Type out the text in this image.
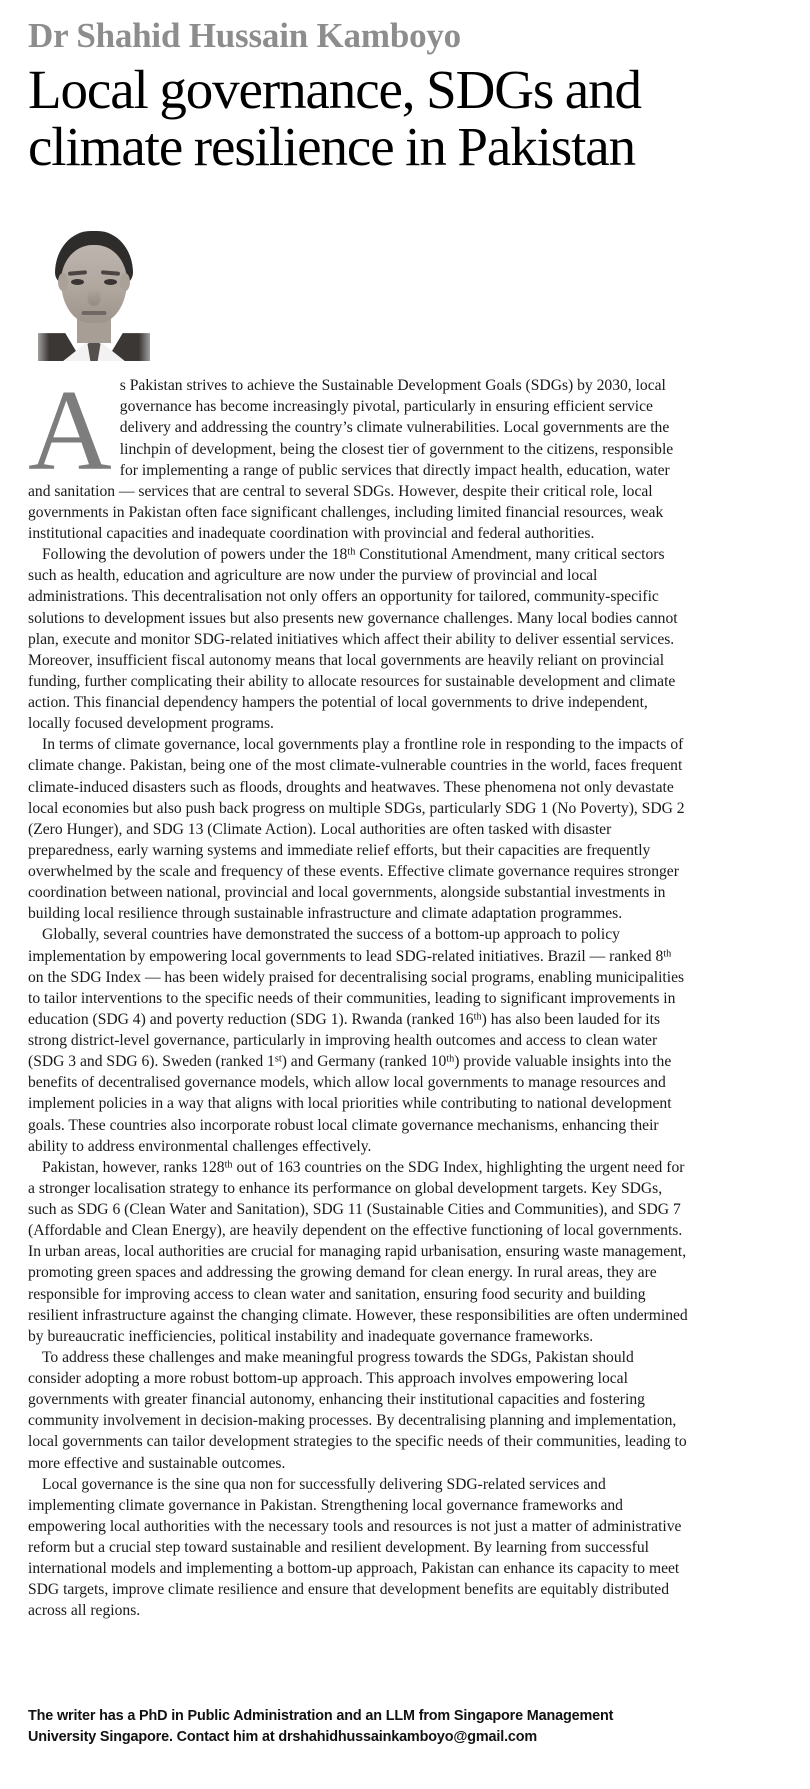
Dr Shahid Hussain Kamboyo
Local governance, SDGs and
climate resilience in Pakistan

As Pakistan strives to achieve the Sustainable Development Goals (SDGs) by 2030, local governance has become increasingly pivotal, particularly in ensuring efficient service delivery and addressing the country’s climate vulnerabilities. Local governments are the linchpin of development, being the closest tier of government to the citizens, responsible for implementing a range of public services that directly impact health, education, water and sanitation — services that are central to several SDGs. However, despite their critical role, local governments in Pakistan often face significant challenges, including limited financial resources, weak institutional capacities and inadequate coordination with provincial and federal authorities.

Following the devolution of powers under the 18th Constitutional Amendment, many critical sectors such as health, education and agriculture are now under the purview of provincial and local administrations. This decentralisation not only offers an opportunity for tailored, community-specific solutions to development issues but also presents new governance challenges. Many local bodies cannot plan, execute and monitor SDG-related initiatives which affect their ability to deliver essential services. Moreover, insufficient fiscal autonomy means that local governments are heavily reliant on provincial funding, further complicating their ability to allocate resources for sustainable development and climate action. This financial dependency hampers the potential of local governments to drive independent, locally focused development programs.

In terms of climate governance, local governments play a frontline role in responding to the impacts of climate change. Pakistan, being one of the most climate-vulnerable countries in the world, faces frequent climate-induced disasters such as floods, droughts and heatwaves. These phenomena not only devastate local economies but also push back progress on multiple SDGs, particularly SDG 1 (No Poverty), SDG 2 (Zero Hunger), and SDG 13 (Climate Action). Local authorities are often tasked with disaster preparedness, early warning systems and immediate relief efforts, but their capacities are frequently overwhelmed by the scale and frequency of these events. Effective climate governance requires stronger coordination between national, provincial and local governments, alongside substantial investments in building local resilience through sustainable infrastructure and climate adaptation programmes.

Globally, several countries have demonstrated the success of a bottom-up approach to policy implementation by empowering local governments to lead SDG-related initiatives. Brazil — ranked 8th on the SDG Index — has been widely praised for decentralising social programs, enabling municipalities to tailor interventions to the specific needs of their communities, leading to significant improvements in education (SDG 4) and poverty reduction (SDG 1). Rwanda (ranked 16th) has also been lauded for its strong district-level governance, particularly in improving health outcomes and access to clean water (SDG 3 and SDG 6). Sweden (ranked 1st) and Germany (ranked 10th) provide valuable insights into the benefits of decentralised governance models, which allow local governments to manage resources and implement policies in a way that aligns with local priorities while contributing to national development goals. These countries also incorporate robust local climate governance mechanisms, enhancing their ability to address environmental challenges effectively.

Pakistan, however, ranks 128th out of 163 countries on the SDG Index, highlighting the urgent need for a stronger localisation strategy to enhance its performance on global development targets. Key SDGs, such as SDG 6 (Clean Water and Sanitation), SDG 11 (Sustainable Cities and Communities), and SDG 7 (Affordable and Clean Energy), are heavily dependent on the effective functioning of local governments. In urban areas, local authorities are crucial for managing rapid urbanisation, ensuring waste management, promoting green spaces and addressing the growing demand for clean energy. In rural areas, they are responsible for improving access to clean water and sanitation, ensuring food security and building resilient infrastructure against the changing climate. However, these responsibilities are often undermined by bureaucratic inefficiencies, political instability and inadequate governance frameworks.

To address these challenges and make meaningful progress towards the SDGs, Pakistan should consider adopting a more robust bottom-up approach. This approach involves empowering local governments with greater financial autonomy, enhancing their institutional capacities and fostering community involvement in decision-making processes. By decentralising planning and implementation, local governments can tailor development strategies to the specific needs of their communities, leading to more effective and sustainable outcomes.

Local governance is the sine qua non for successfully delivering SDG-related services and implementing climate governance in Pakistan. Strengthening local governance frameworks and empowering local authorities with the necessary tools and resources is not just a matter of administrative reform but a crucial step toward sustainable and resilient development. By learning from successful international models and implementing a bottom-up approach, Pakistan can enhance its capacity to meet SDG targets, improve climate resilience and ensure that development benefits are equitably distributed across all regions.

The writer has a PhD in Public Administration and an LLM from Singapore Management
University Singapore. Contact him at drshahidhussainkamboyo@gmail.com
